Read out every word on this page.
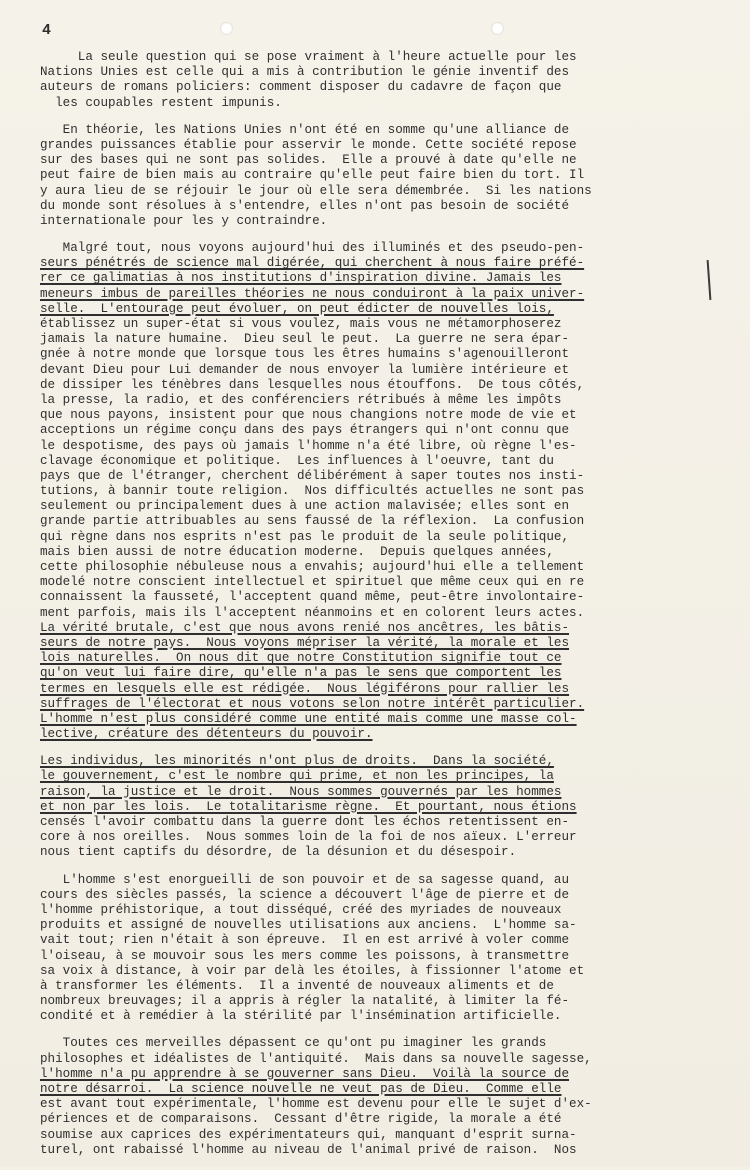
4
La seule question qui se pose vraiment à l'heure actuelle pour les
Nations Unies est celle qui a mis à contribution le génie inventif des
auteurs de romans policiers: comment disposer du cadavre de façon que
les coupables restent impunis.
En théorie, les Nations Unies n'ont été en somme qu'une alliance de
grandes puissances établie pour asservir le monde. Cette société repose
sur des bases qui ne sont pas solides.  Elle a prouvé à date qu'elle ne
peut faire de bien mais au contraire qu'elle peut faire bien du tort. Il
y aura lieu de se réjouir le jour où elle sera démembrée.  Si les nations
du monde sont résolues à s'entendre, elles n'ont pas besoin de société
internationale pour les y contraindre.
Malgré tout, nous voyons aujourd'hui des illuminés et des pseudo-pen-
seurs pénétrés de science mal digérée, qui cherchent à nous faire préfé-
rer ce galimatias à nos institutions d'inspiration divine. Jamais les
meneurs imbus de pareilles théories ne nous conduiront à la paix univer-
selle.  L'entourage peut évoluer, on peut édicter de nouvelles lois,
établissez un super-état si vous voulez, mais vous ne métamorphoserez
jamais la nature humaine.  Dieu seul le peut.  La guerre ne sera épar-
gnée à notre monde que lorsque tous les êtres humains s'agenouilleront
devant Dieu pour Lui demander de nous envoyer la lumière intérieure et
de dissiper les ténèbres dans lesquelles nous étouffons.  De tous côtés,
la presse, la radio, et des conférenciers rétribués à même les impôts
que nous payons, insistent pour que nous changions notre mode de vie et
acceptions un régime conçu dans des pays étrangers qui n'ont connu que
le despotisme, des pays où jamais l'homme n'a été libre, où règne l'es-
clavage économique et politique.  Les influences à l'oeuvre, tant du
pays que de l'étranger, cherchent délibérément à saper toutes nos insti-
tutions, à bannir toute religion.  Nos difficultés actuelles ne sont pas
seulement ou principalement dues à une action malavisée; elles sont en
grande partie attribuables au sens faussé de la réflexion.  La confusion
qui règne dans nos esprits n'est pas le produit de la seule politique,
mais bien aussi de notre éducation moderne.  Depuis quelques années,
cette philosophie nébuleuse nous a envahis; aujourd'hui elle a tellement
modelé notre conscient intellectuel et spirituel que même ceux qui en re
connaissent la fausseté, l'acceptent quand même, peut-être involontaire-
ment parfois, mais ils l'acceptent néanmoins et en colorent leurs actes.
La vérité brutale, c'est que nous avons renié nos ancêtres, les bâtis-
seurs de notre pays.  Nous voyons mépriser la vérité, la morale et les
lois naturelles.  On nous dit que notre Constitution signifie tout ce
qu'on veut lui faire dire, qu'elle n'a pas le sens que comportent les
termes en lesquels elle est rédigée.  Nous légiférons pour rallier les
suffrages de l'électorat et nous votons selon notre intérêt particulier.
L'homme n'est plus considéré comme une entité mais comme une masse col-
lective, créature des détenteurs du pouvoir.
Les individus, les minorités n'ont plus de droits.  Dans la société,
le gouvernement, c'est le nombre qui prime, et non les principes, la
raison, la justice et le droit.  Nous sommes gouvernés par les hommes
et non par les lois.  Le totalitarisme règne.  Et pourtant, nous étions
censés l'avoir combattu dans la guerre dont les échos retentissent en-
core à nos oreilles.  Nous sommes loin de la foi de nos aïeux. L'erreur
nous tient captifs du désordre, de la désunion et du désespoir.
L'homme s'est enorgueilli de son pouvoir et de sa sagesse quand, au
cours des siècles passés, la science a découvert l'âge de pierre et de
l'homme préhistorique, a tout disséqué, créé des myriades de nouveaux
produits et assigné de nouvelles utilisations aux anciens.  L'homme sa-
vait tout; rien n'était à son épreuve.  Il en est arrivé à voler comme
l'oiseau, à se mouvoir sous les mers comme les poissons, à transmettre
sa voix à distance, à voir par delà les étoiles, à fissionner l'atome et
à transformer les éléments.  Il a inventé de nouveaux aliments et de
nombreux breuvages; il a appris à régler la natalité, à limiter la fé-
condité et à remédier à la stérilité par l'insémination artificielle.
Toutes ces merveilles dépassent ce qu'ont pu imaginer les grands
philosophes et idéalistes de l'antiquité.  Mais dans sa nouvelle sagesse,
l'homme n'a pu apprendre à se gouverner sans Dieu.  Voilà la source de
notre désarroi.  La science nouvelle ne veut pas de Dieu.  Comme elle
est avant tout expérimentale, l'homme est devenu pour elle le sujet d'ex-
périences et de comparaisons.  Cessant d'être rigide, la morale a été
soumise aux caprices des expérimentateurs qui, manquant d'esprit surna-
turel, ont rabaissé l'homme au niveau de l'animal privé de raison.  Nos
